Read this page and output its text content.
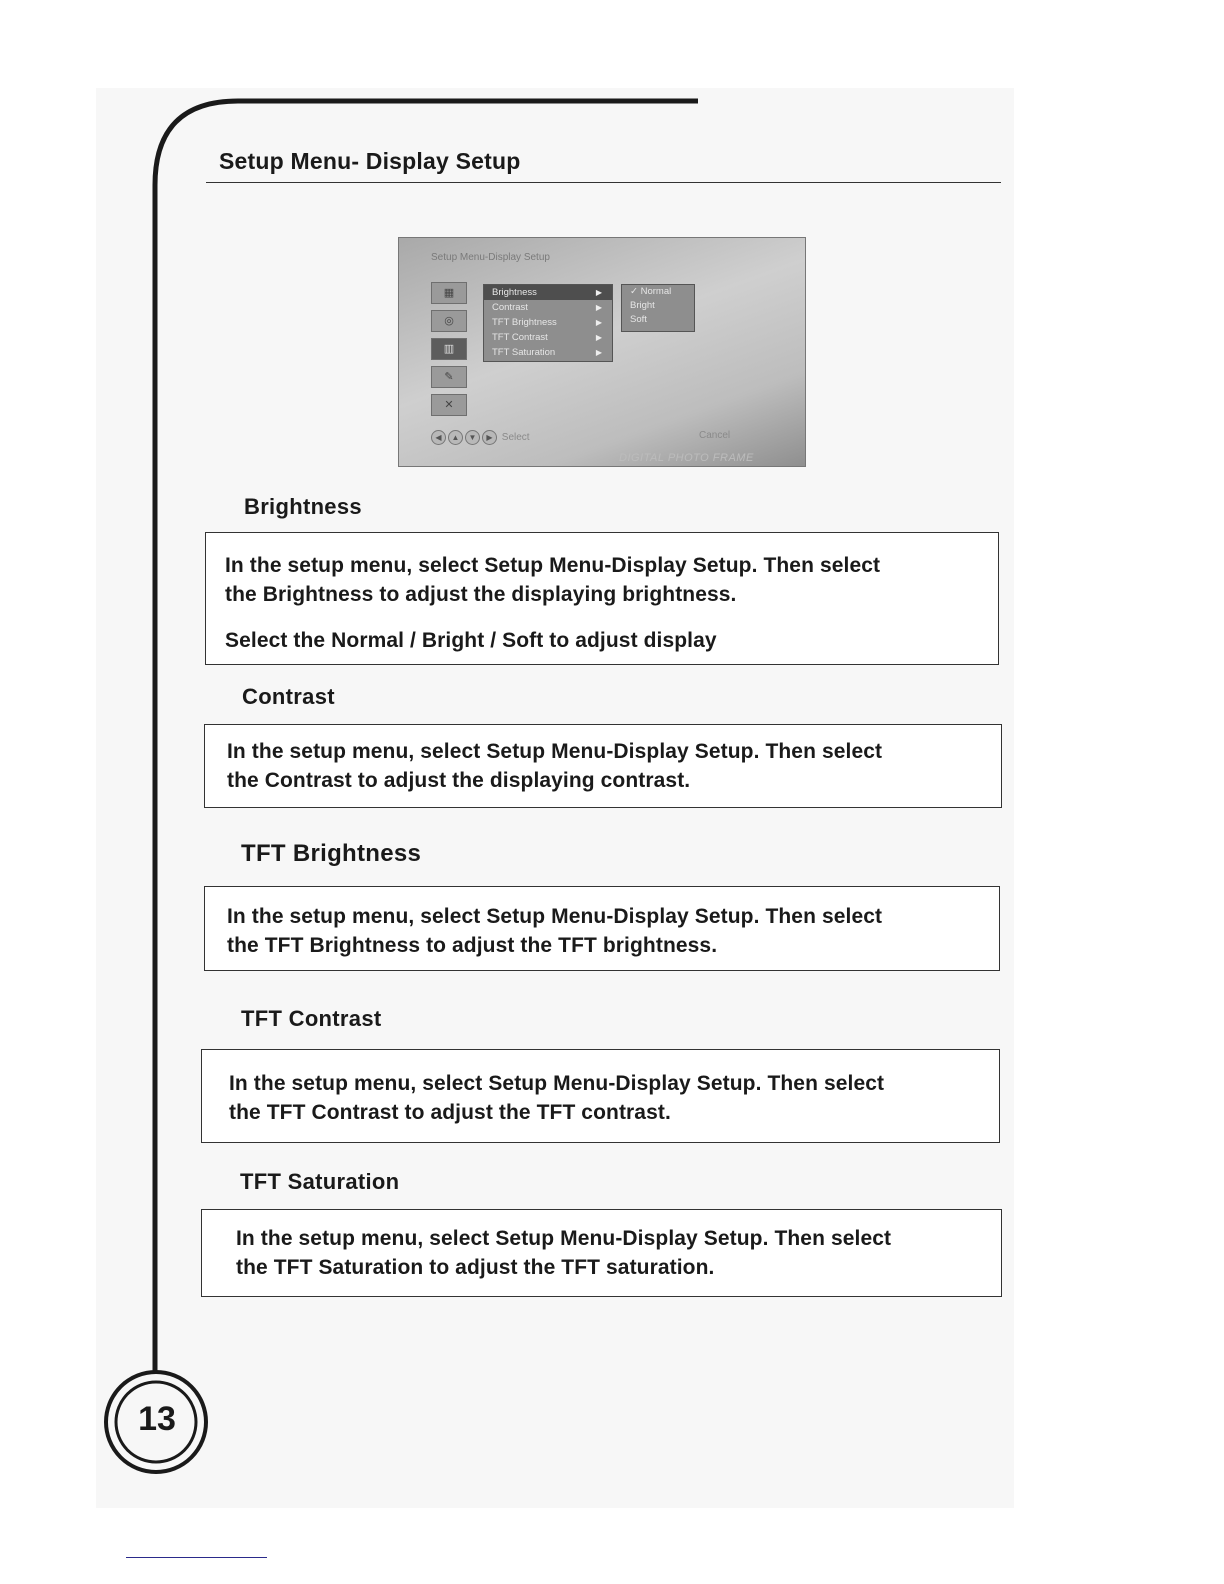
Setup Menu- Display Setup
Setup Menu-Display Setup
▦
◎
▥
✎
✕
Brightness	▶
Contrast	▶
TFT Brightness	▶
TFT Contrast	▶
TFT Saturation	▶
✓ Normal
Bright
Soft
◀ ▲ ▼ ▶ Select	Cancel
DIGITAL PHOTO FRAME
Brightness
In the setup menu, select Setup Menu-Display Setup. Then select
the Brightness to adjust the displaying brightness.
Select the Normal / Bright / Soft to adjust display
Contrast
In the setup menu, select Setup Menu-Display Setup. Then select
the Contrast to adjust the displaying contrast.
TFT Brightness
In the setup menu, select Setup Menu-Display Setup. Then select
the TFT Brightness to adjust the TFT brightness.
TFT Contrast
In the setup menu, select Setup Menu-Display Setup. Then select
the TFT Contrast to adjust the TFT contrast.
TFT Saturation
In the setup menu, select Setup Menu-Display Setup. Then select
the TFT Saturation to adjust the TFT saturation.
13
